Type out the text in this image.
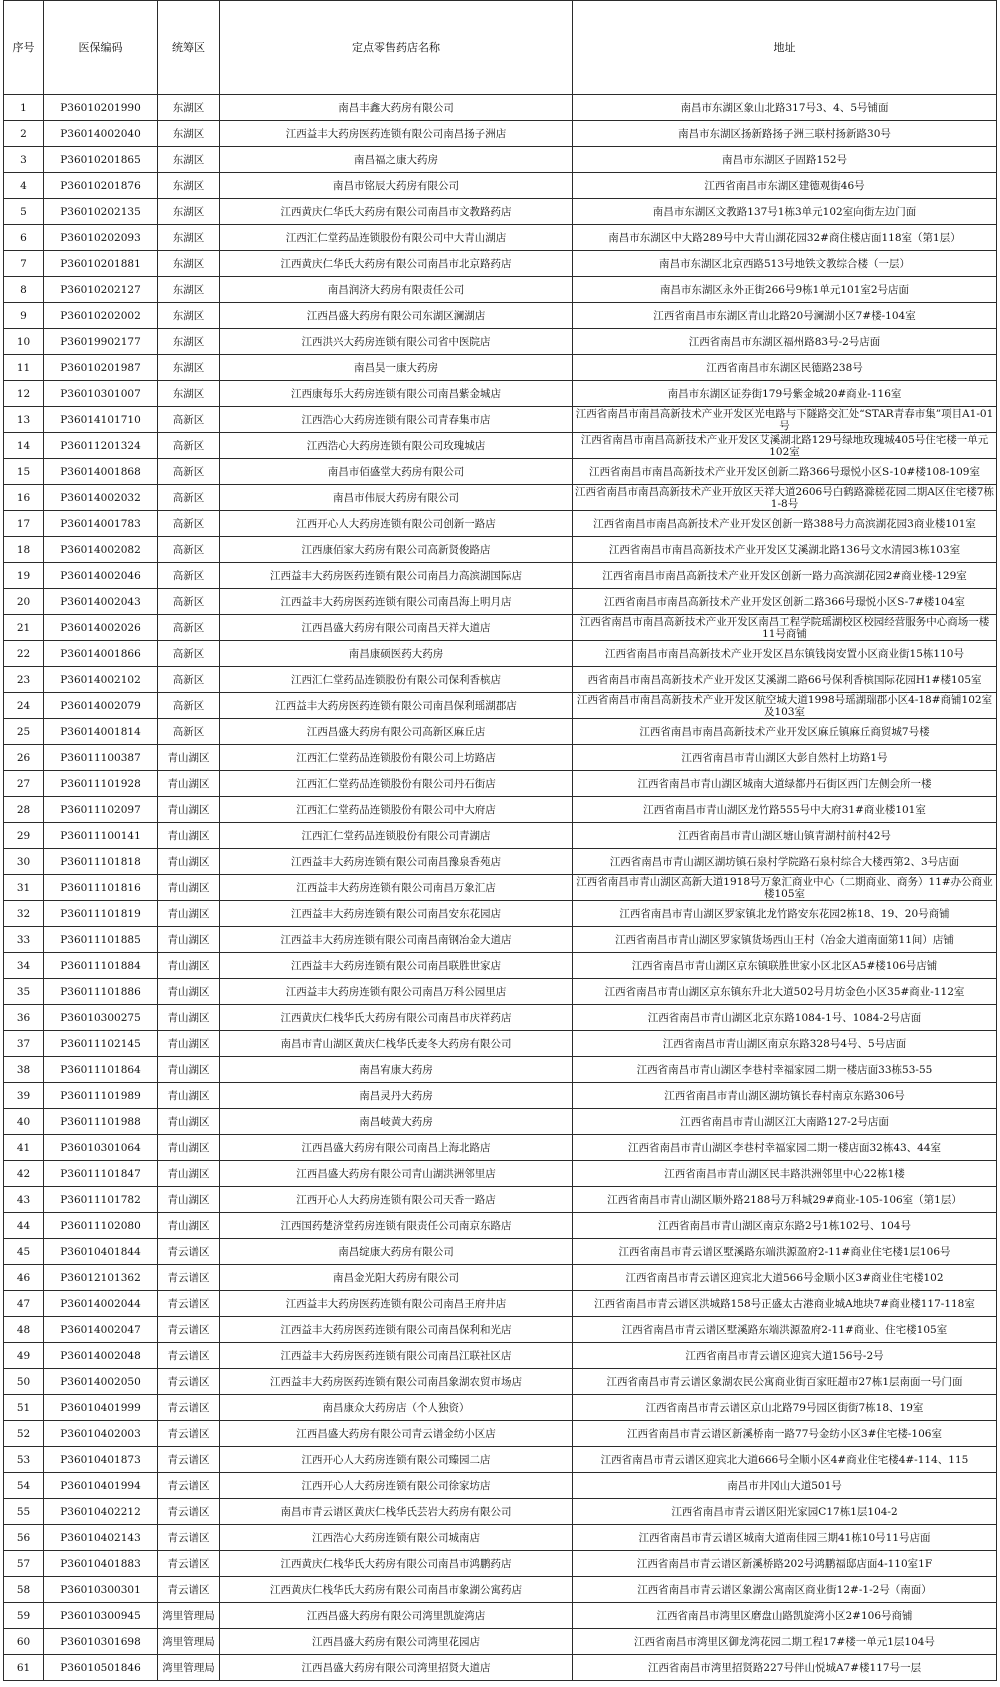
序号	医保编码	统筹区	定点零售药店名称	地址
1	P36010201990	东湖区	南昌丰鑫大药房有限公司	南昌市东湖区象山北路317号3、4、5号铺面
2	P36014002040	东湖区	江西益丰大药房医药连锁有限公司南昌扬子洲店	南昌市东湖区扬新路扬子洲三联村扬新路30号
3	P36010201865	东湖区	南昌福之康大药房	南昌市东湖区子固路152号
4	P36010201876	东湖区	南昌市铭辰大药房有限公司	江西省南昌市东湖区建德观街46号
5	P36010202135	东湖区	江西黄庆仁华氏大药房有限公司南昌市文教路药店	南昌市东湖区文教路137号1栋3单元102室向街左边门面
6	P36010202093	东湖区	江西汇仁堂药品连锁股份有限公司中大青山湖店	南昌市东湖区中大路289号中大青山湖花园32#商住楼店面118室（第1层）
7	P36010201881	东湖区	江西黄庆仁华氏大药房有限公司南昌市北京路药店	南昌市东湖区北京西路513号地铁文教综合楼（一层）
8	P36010202127	东湖区	南昌润济大药房有限责任公司	南昌市东湖区永外正街266号9栋1单元101室2号店面
9	P36010202002	东湖区	江西昌盛大药房有限公司东湖区澜湖店	江西省南昌市东湖区青山北路20号澜湖小区7#楼-104室
10	P36019902177	东湖区	江西洪兴大药房连锁有限公司省中医院店	江西省南昌市东湖区福州路83号-2号店面
11	P36010201987	东湖区	南昌昊一康大药房	江西省南昌市东湖区民德路238号
12	P36010301007	东湖区	江西康每乐大药房连锁有限公司南昌紫金城店	南昌市东湖区证券街179号紫金城20#商业-116室
13	P36014101710	高新区	江西浩心大药房连锁有限公司青春集市店	江西省南昌市南昌高新技术产业开发区光电路与下隧路交汇处“STAR青春市集”项目A1-01号
14	P36011201324	高新区	江西浩心大药房连锁有限公司玫瑰城店	江西省南昌市南昌高新技术产业开发区艾溪湖北路129号绿地玫瑰城405号住宅楼一单元102室
15	P36014001868	高新区	南昌市佰盛堂大药房有限公司	江西省南昌市南昌高新技术产业开发区创新二路366号璟悦小区S-10#楼108-109室
16	P36014002032	高新区	南昌市伟辰大药房有限公司	江西省南昌市南昌高新技术产业开放区天祥大道2606号白鹤路滁槎花园二期A区住宅楼7栋1-8号
17	P36014001783	高新区	江西开心人大药房连锁有限公司创新一路店	江西省南昌市南昌高新技术产业开发区创新一路388号力高滨湖花园3商业楼101室
18	P36014002082	高新区	江西康佰家大药房有限公司高新贤俊路店	江西省南昌市南昌高新技术产业开发区艾溪湖北路136号文水清园3栋103室
19	P36014002046	高新区	江西益丰大药房医药连锁有限公司南昌力高滨湖国际店	江西省南昌市南昌高新技术产业开发区创新一路力高滨湖花园2#商业楼-129室
20	P36014002043	高新区	江西益丰大药房医药连锁有限公司南昌海上明月店	江西省南昌市南昌高新技术产业开发区创新二路366号璟悦小区S-7#楼104室
21	P36014002026	高新区	江西昌盛大药房有限公司南昌天祥大道店	江西省南昌市南昌高新技术产业开发区南昌工程学院瑶湖校区校园经营服务中心商场一楼11号商铺
22	P36014001866	高新区	南昌康硕医药大药房	江西省南昌市南昌高新技术产业开发区昌东镇钱岗安置小区商业街15栋110号
23	P36014002102	高新区	江西汇仁堂药品连锁股份有限公司保利香槟店	西省南昌市南昌高新技术产业开发区艾溪湖二路66号保利香槟国际花园H1#楼105室
24	P36014002079	高新区	江西益丰大药房医药连锁有限公司南昌保利瑶湖郡店	江西省南昌市南昌高新技术产业开发区航空城大道1998号瑶湖瑞郡小区4-18#商铺102室及103室
25	P36014001814	高新区	江西昌盛大药房有限公司高新区麻丘店	江西省南昌市南昌高新技术产业开发区麻丘镇麻丘商贸城7号楼
26	P36011100387	青山湖区	江西汇仁堂药品连锁股份有限公司上坊路店	江西省南昌市青山湖区大彭自然村上坊路1号
27	P36011101928	青山湖区	江西汇仁堂药品连锁股份有限公司丹石街店	江西省南昌市青山湖区城南大道绿都丹石街区西门左侧会所一楼
28	P36011102097	青山湖区	江西汇仁堂药品连锁股份有限公司中大府店	江西省南昌市青山湖区龙竹路555号中大府31#商业楼101室
29	P36011100141	青山湖区	江西汇仁堂药品连锁股份有限公司青湖店	江西省南昌市青山湖区塘山镇青湖村前村42号
30	P36011101818	青山湖区	江西益丰大药房连锁有限公司南昌豫泉香苑店	江西省南昌市青山湖区湖坊镇石泉村学院路石泉村综合大楼西第2、3号店面
31	P36011101816	青山湖区	江西益丰大药房连锁有限公司南昌万象汇店	江西省南昌市青山湖区高新大道1918号万象汇商业中心（二期商业、商务）11#办公商业楼105室
32	P36011101819	青山湖区	江西益丰大药房连锁有限公司南昌安东花园店	江西省南昌市青山湖区罗家镇北龙竹路安东花园2栋18、19、20号商铺
33	P36011101885	青山湖区	江西益丰大药房连锁有限公司南昌南钢冶金大道店	江西省南昌市青山湖区罗家镇货场西山王村（冶金大道南面第11间）店铺
34	P36011101884	青山湖区	江西益丰大药房连锁有限公司南昌联胜世家店	江西省南昌市青山湖区京东镇联胜世家小区北区A5#楼106号店铺
35	P36011101886	青山湖区	江西益丰大药房连锁有限公司南昌万科公园里店	江西省南昌市青山湖区京东镇东升北大道502号月坊金色小区35#商业-112室
36	P36010300275	青山湖区	江西黄庆仁栈华氏大药房有限公司南昌市庆祥药店	江西省南昌市青山湖区北京东路1084-1号、1084-2号店面
37	P36011102145	青山湖区	南昌市青山湖区黄庆仁栈华氏麦冬大药房有限公司	江西省南昌市青山湖区南京东路328号4号、5号店面
38	P36011101864	青山湖区	南昌宥康大药房	江西省南昌市青山湖区李巷村幸福家园二期一楼店面33栋53-55
39	P36011101989	青山湖区	南昌灵丹大药房	江西省南昌市青山湖区湖坊镇长春村南京东路306号
40	P36011101988	青山湖区	南昌岐黄大药房	江西省南昌市青山湖区江大南路127-2号店面
41	P36010301064	青山湖区	江西昌盛大药房有限公司南昌上海北路店	江西省南昌市青山湖区李巷村幸福家园二期一楼店面32栋43、44室
42	P36011101847	青山湖区	江西昌盛大药房有限公司青山湖洪洲邻里店	江西省南昌市青山湖区民丰路洪洲邻里中心22栋1楼
43	P36011101782	青山湖区	江西开心人大药房连锁有限公司天香一路店	江西省南昌市青山湖区顺外路2188号万科城29#商业-105-106室（第1层）
44	P36011102080	青山湖区	江西国药楚济堂药房连锁有限责任公司南京东路店	江西省南昌市青山湖区南京东路2号1栋102号、104号
45	P36010401844	青云谱区	南昌绽康大药房有限公司	江西省南昌市青云谱区墅溪路东端洪源盈府2-11#商业住宅楼1层106号
46	P36012101362	青云谱区	南昌金光阳大药房有限公司	江西省南昌市青云谱区迎宾北大道566号金顺小区3#商业住宅楼102
47	P36014002044	青云谱区	江西益丰大药房医药连锁有限公司南昌王府井店	江西省南昌市青云谱区洪城路158号正盛太古港商业城A地块7#商业楼117-118室
48	P36014002047	青云谱区	江西益丰大药房医药连锁有限公司南昌保利和光店	江西省南昌市青云谱区墅溪路东端洪源盈府2-11#商业、住宅楼105室
49	P36014002048	青云谱区	江西益丰大药房医药连锁有限公司南昌江联社区店	江西省南昌市青云谱区迎宾大道156号-2号
50	P36014002050	青云谱区	江西益丰大药房医药连锁有限公司南昌象湖农贸市场店	江西省南昌市青云谱区象湖农民公寓商业街百家旺超市27栋1层南面一号门面
51	P36010401999	青云谱区	南昌康众大药房店（个人独资）	江西省南昌市青云谱区京山北路79号园区街街7栋18、19室
52	P36010402003	青云谱区	江西昌盛大药房有限公司青云谱金纺小区店	江西省南昌市青云谱区新溪桥南一路77号金纺小区3#住宅楼-106室
53	P36010401873	青云谱区	江西开心人大药房连锁有限公司臻园二店	江西省南昌市青云谱区迎宾北大道666号全顺小区4#商业住宅楼4#-114、115
54	P36010401994	青云谱区	江西开心人大药房连锁有限公司徐家坊店	南昌市井冈山大道501号
55	P36010402212	青云谱区	南昌市青云谱区黄庆仁栈华氏芸岩大药房有限公司	江西省南昌市青云谱区阳光家园C17栋1层104-2
56	P36010402143	青云谱区	江西浩心大药房连锁有限公司城南店	江西省南昌市青云谱区城南大道南佳园三期41栋10号11号店面
57	P36010401883	青云谱区	江西黄庆仁栈华氏大药房有限公司南昌市鸿鹏药店	江西省南昌市青云谱区新溪桥路202号鸿鹏福邸店面4-110室1F
58	P36010300301	青云谱区	江西黄庆仁栈华氏大药房有限公司南昌市象湖公寓药店	江西省南昌市青云谱区象湖公寓南区商业街12#-1-2号（南面）
59	P36010300945	湾里管理局	江西昌盛大药房有限公司湾里凯旋湾店	江西省南昌市湾里区磨盘山路凯旋湾小区2#106号商铺
60	P36010301698	湾里管理局	江西昌盛大药房有限公司湾里花园店	江西省南昌市湾里区御龙湾花园二期工程17#楼一单元1层104号
61	P36010501846	湾里管理局	江西昌盛大药房有限公司湾里招贤大道店	江西省南昌市湾里招贤路227号伴山悦城A7#楼117号一层
